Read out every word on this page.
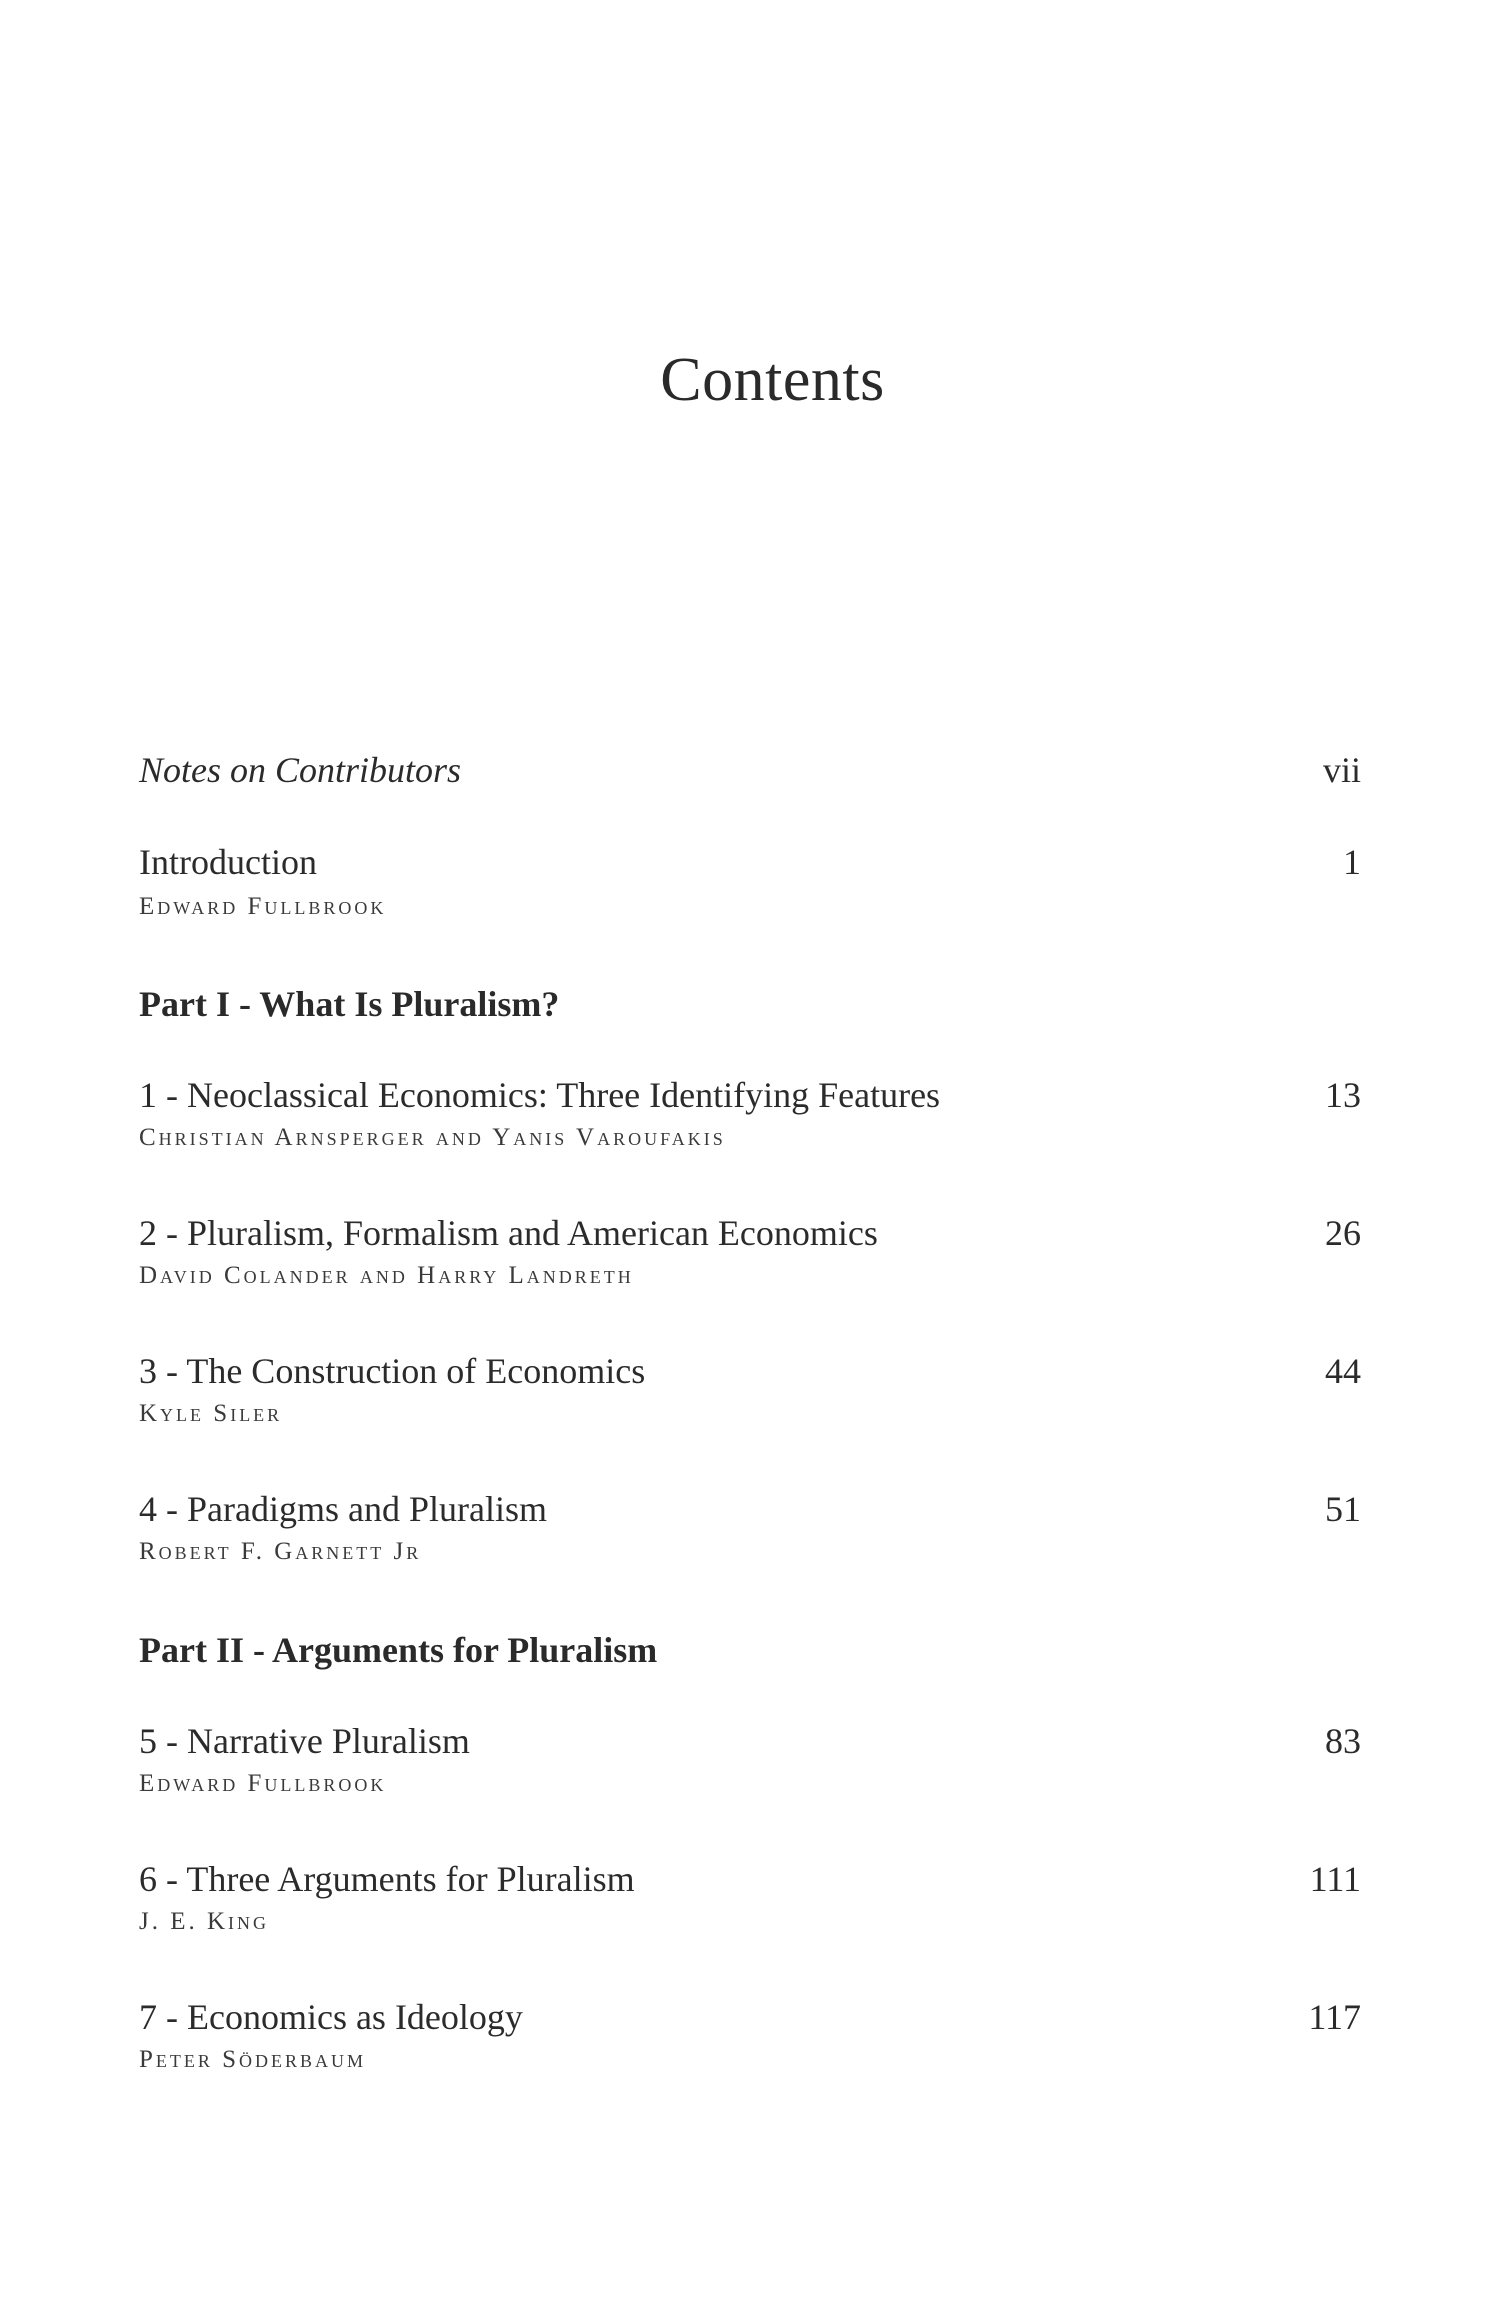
Contents
Notes on Contributors	vii
Introduction	1
Edward Fullbrook
Part I - What Is Pluralism?
1 - Neoclassical Economics: Three Identifying Features	13
Christian Arnsperger and Yanis Varoufakis
2 - Pluralism, Formalism and American Economics	26
David Colander and Harry Landreth
3 - The Construction of Economics	44
Kyle Siler
4 - Paradigms and Pluralism	51
Robert F. Garnett Jr
Part II - Arguments for Pluralism
5 - Narrative Pluralism	83
Edward Fullbrook
6 - Three Arguments for Pluralism	111
J. E. King
7 - Economics as Ideology	117
Peter Söderbaum
